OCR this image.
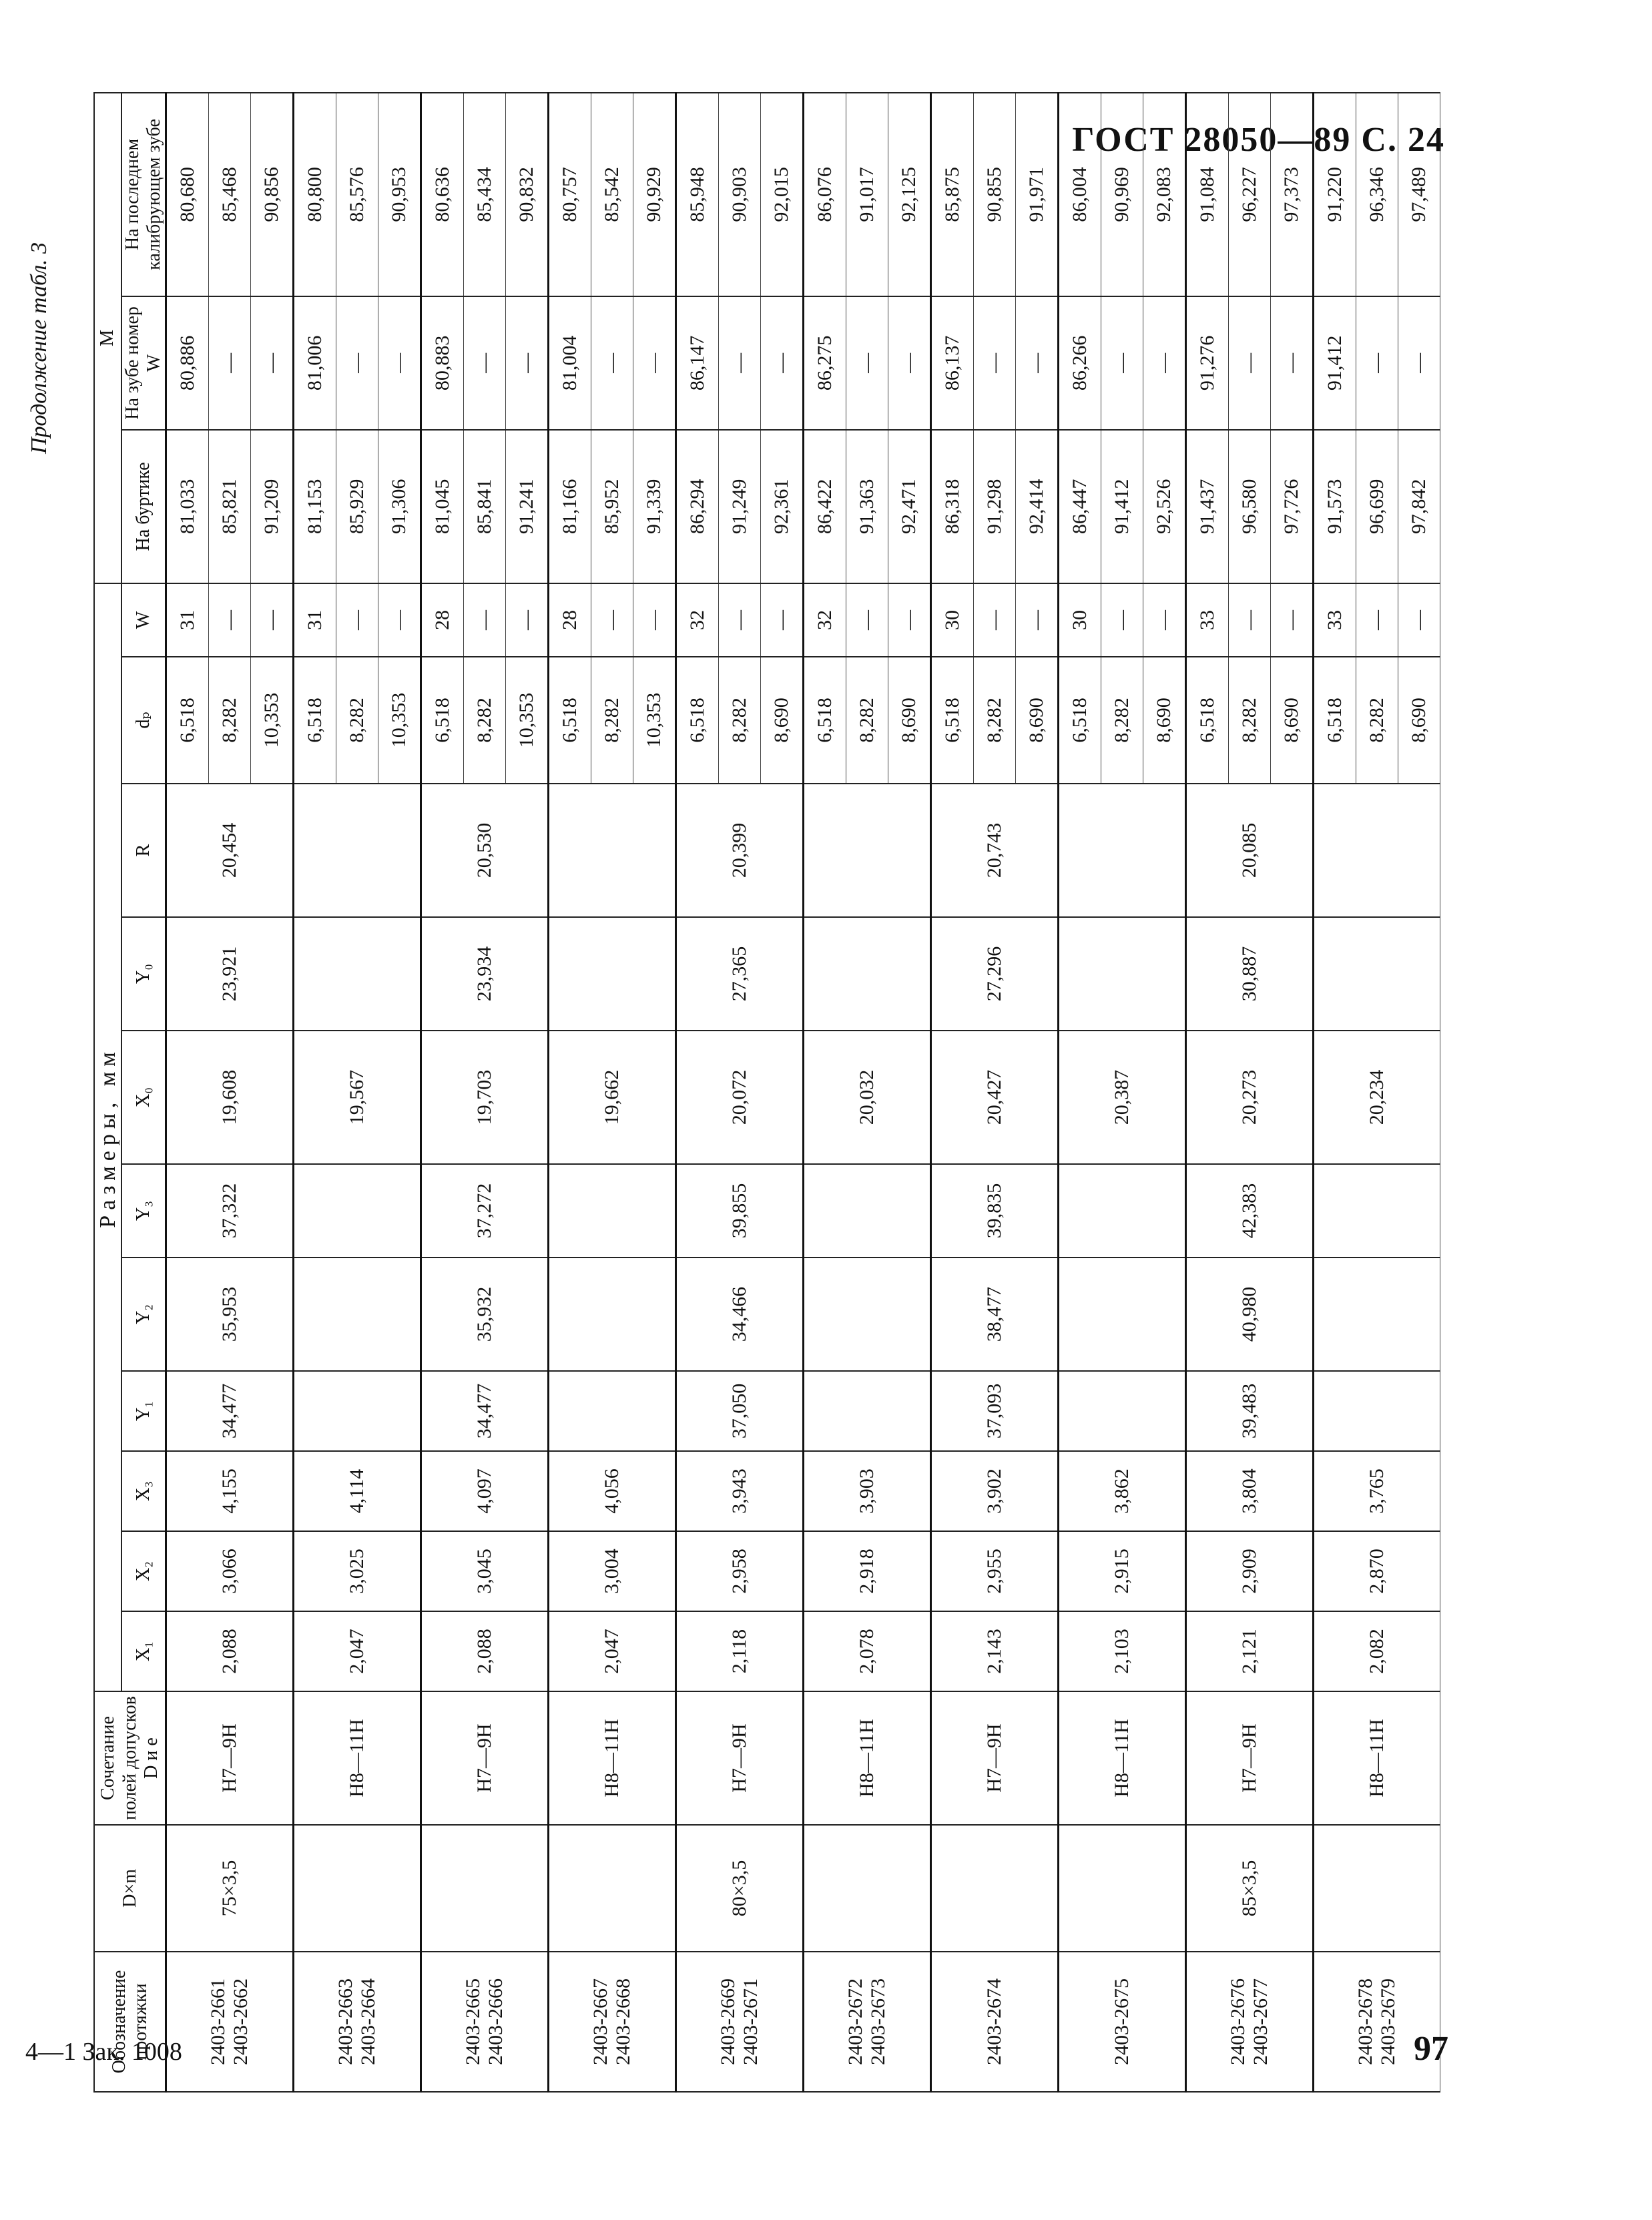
ГОСТ 28050—89 С. 24
Продолжение табл. 3
Обозначение протяжки	D×m	Сочетание полей допусков D и e	Размеры, мм											M		
			X₁	X₂	X₃	Y₁	Y₂	Y₃	X₀	Y₀	R	dₚ	W	На буртике	На зубе номер W	На последнем калибрующем зубе
2403-2661 2403-2662	75×3,5	H7—9H	2,088	3,066	4,155	34,477	35,953	37,322	19,608	23,921	20,454	6,518	31	81,033	80,886	80,680
												8,282	—	85,821	—	85,468
												10,353	—	91,209	—	90,856
2403-2663 2403-2664		H8—11H	2,047	3,025	4,114				19,567			6,518	31	81,153	81,006	80,800
												8,282	—	85,929	—	85,576
												10,353	—	91,306	—	90,953
2403-2665 2403-2666		H7—9H	2,088	3,045	4,097	34,477	35,932	37,272	19,703	23,934	20,530	6,518	28	81,045	80,883	80,636
												8,282	—	85,841	—	85,434
												10,353	—	91,241	—	90,832
2403-2667 2403-2668		H8—11H	2,047	3,004	4,056				19,662			6,518	28	81,166	81,004	80,757
												8,282	—	85,952	—	85,542
												10,353	—	91,339	—	90,929
2403-2669 2403-2671	80×3,5	H7—9H	2,118	2,958	3,943	37,050	34,466	39,855	20,072	27,365	20,399	6,518	32	86,294	86,147	85,948
												8,282	—	91,249	—	90,903
												8,690	—	92,361	—	92,015
2403-2672 2403-2673		H8—11H	2,078	2,918	3,903				20,032			6,518	32	86,422	86,275	86,076
												8,282	—	91,363	—	91,017
												8,690	—	92,471	—	92,125
2403-2674		H7—9H	2,143	2,955	3,902	37,093	38,477	39,835	20,427	27,296	20,743	6,518	30	86,318	86,137	85,875
												8,282	—	91,298	—	90,855
												8,690	—	92,414	—	91,971
2403-2675		H8—11H	2,103	2,915	3,862				20,387			6,518	30	86,447	86,266	86,004
												8,282	—	91,412	—	90,969
												8,690	—	92,526	—	92,083
2403-2676 2403-2677	85×3,5	H7—9H	2,121	2,909	3,804	39,483	40,980	42,383	20,273	30,887	20,085	6,518	33	91,437	91,276	91,084
												8,282	—	96,580	—	96,227
												8,690	—	97,726	—	97,373
2403-2678 2403-2679		H8—11H	2,082	2,870	3,765				20,234			6,518	33	91,573	91,412	91,220
												8,282	—	96,699	—	96,346
												8,690	—	97,842	—	97,489
4—1 Зак. 1008	97
